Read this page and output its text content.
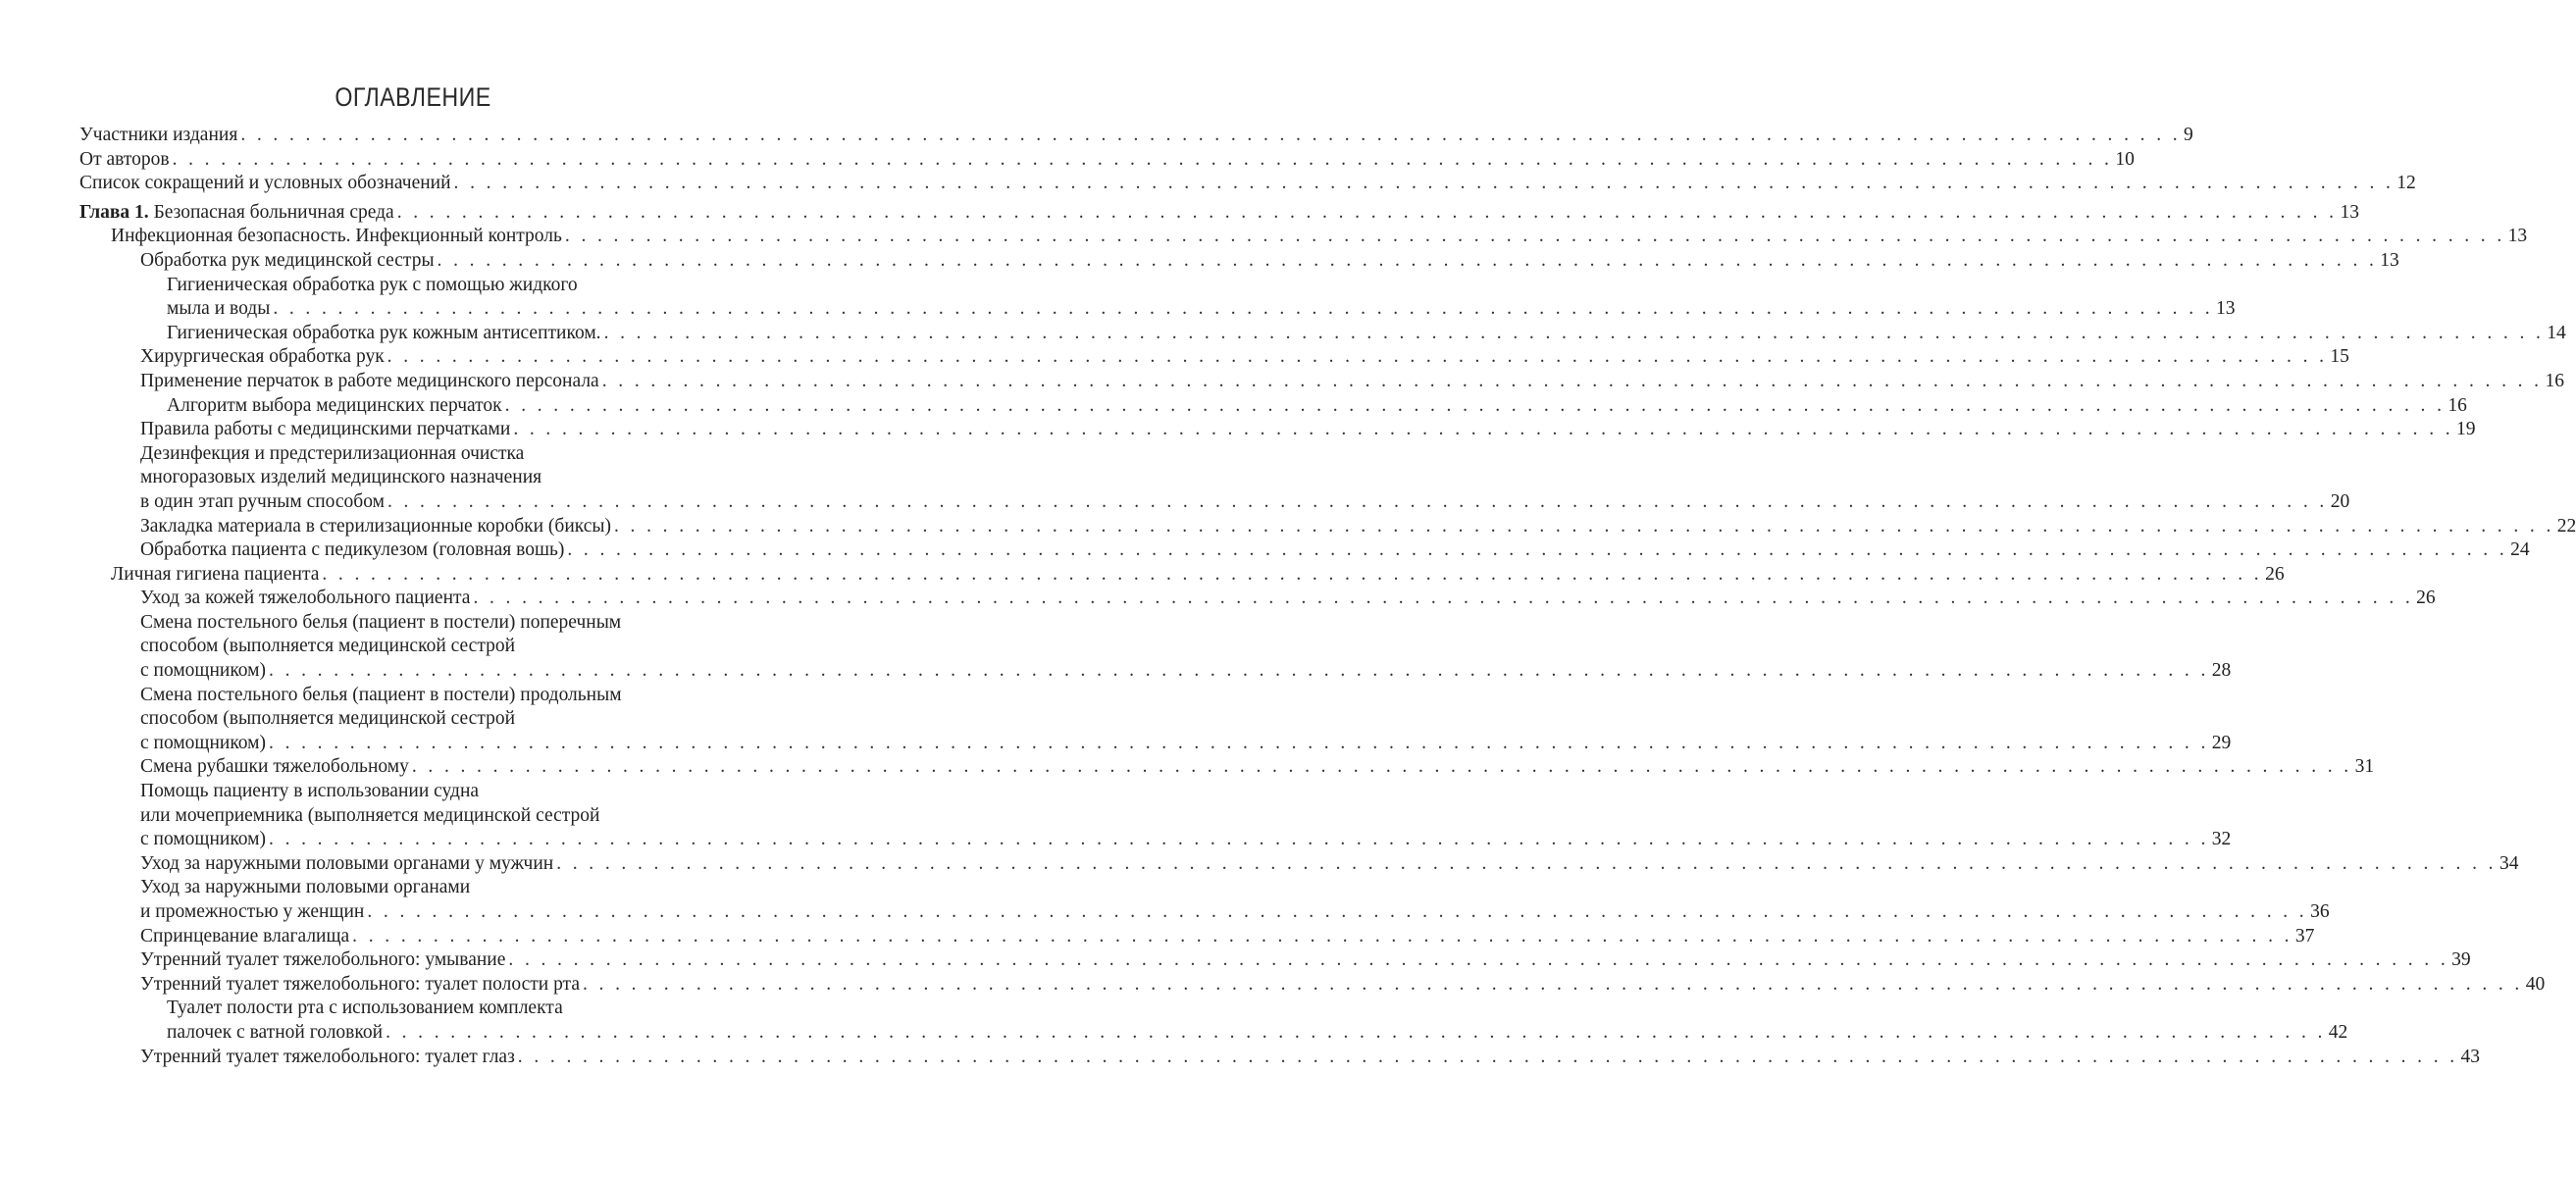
ОГЛАВЛЕНИЕ
Участники издания . . . . . . . . . . . . . . . . . . . . . . . . . . . . . . . . . . . . . . . . . . . . . . . . . . . . . . . . . . . . . . . . . . . . . . . . . . . . . . . . . . . . . . . . . . . . . . . . . . . . . . . . . . . . . . . . . . . . . . . . 9
От авторов . . . . . . . . . . . . . . . . . . . . . . . . . . . . . . . . . . . . . . . . . . . . . . . . . . . . . . . . . . . . . . . . . . . . . . . . . . . . . . . . . . . . . . . . . . . . . . . . . . . . . . . . . . . . . . . . . . . . . . . . 10
Список сокращений и условных обозначений . . . . . . . . . . . . . . . . . . . . . . . . . . . . . . . . . . . . . . . . . . . . . . . . . . . . . . . . . . . . . . . . . . . . . . . . . . . . . . . . . . . . . . . . . . . . . . . . . . . . . . . . . . . . . . . . . . . . . . . . 12
Глава 1. Безопасная больничная среда . . . . . . . . . . . . . . . . . . . . . . . . . . . . . . . . . . . . . . . . . . . . . . . . . . . . . . . . . . . . . . . . . . . . . . . . . . . . . . . . . . . . . . . . . . . . . . . . . . . . . . . . . . . . . . . . . . . . . . . . 13
Инфекционная безопасность. Инфекционный контроль . . . . . . . . . . . . . . . . . . . . . . . . . . . . . . . . . . . . . . . . . . . . . . . . . . . . . . . . . . . . . . . . . . . . . . . . . . . . . . . . . . . . . . . . . . . . . . . . . . . . . . . . . . . . . . . . . . . . . . . . 13
Обработка рук медицинской сестры . . . . . . . . . . . . . . . . . . . . . . . . . . . . . . . . . . . . . . . . . . . . . . . . . . . . . . . . . . . . . . . . . . . . . . . . . . . . . . . . . . . . . . . . . . . . . . . . . . . . . . . . . . . . . . . . . . . . . . . . 13
Гигиеническая обработка рук с помощью жидкого
мыла и воды . . . . . . . . . . . . . . . . . . . . . . . . . . . . . . . . . . . . . . . . . . . . . . . . . . . . . . . . . . . . . . . . . . . . . . . . . . . . . . . . . . . . . . . . . . . . . . . . . . . . . . . . . . . . . . . . . . . . . . . . 13
Гигиеническая обработка рук кожным антисептиком. . . . . . . . . . . . . . . . . . . . . . . . . . . . . . . . . . . . . . . . . . . . . . . . . . . . . . . . . . . . . . . . . . . . . . . . . . . . . . . . . . . . . . . . . . . . . . . . . . . . . . . . . . . . . . . . . . . . . . . . . 14
Хирургическая обработка рук . . . . . . . . . . . . . . . . . . . . . . . . . . . . . . . . . . . . . . . . . . . . . . . . . . . . . . . . . . . . . . . . . . . . . . . . . . . . . . . . . . . . . . . . . . . . . . . . . . . . . . . . . . . . . . . . . . . . . . . . 15
Применение перчаток в работе медицинского персонала . . . . . . . . . . . . . . . . . . . . . . . . . . . . . . . . . . . . . . . . . . . . . . . . . . . . . . . . . . . . . . . . . . . . . . . . . . . . . . . . . . . . . . . . . . . . . . . . . . . . . . . . . . . . . . . . . . . . . . . . 16
Алгоритм выбора медицинских перчаток . . . . . . . . . . . . . . . . . . . . . . . . . . . . . . . . . . . . . . . . . . . . . . . . . . . . . . . . . . . . . . . . . . . . . . . . . . . . . . . . . . . . . . . . . . . . . . . . . . . . . . . . . . . . . . . . . . . . . . . . 16
Правила работы с медицинскими перчатками . . . . . . . . . . . . . . . . . . . . . . . . . . . . . . . . . . . . . . . . . . . . . . . . . . . . . . . . . . . . . . . . . . . . . . . . . . . . . . . . . . . . . . . . . . . . . . . . . . . . . . . . . . . . . . . . . . . . . . . . 19
Дезинфекция и предстерилизационная очистка
многоразовых изделий медицинского назначения
в один этап ручным способом . . . . . . . . . . . . . . . . . . . . . . . . . . . . . . . . . . . . . . . . . . . . . . . . . . . . . . . . . . . . . . . . . . . . . . . . . . . . . . . . . . . . . . . . . . . . . . . . . . . . . . . . . . . . . . . . . . . . . . . . 20
Закладка материала в стерилизационные коробки (биксы) . . . . . . . . . . . . . . . . . . . . . . . . . . . . . . . . . . . . . . . . . . . . . . . . . . . . . . . . . . . . . . . . . . . . . . . . . . . . . . . . . . . . . . . . . . . . . . . . . . . . . . . . . . . . . . . . . . . . . . . . 22
Обработка пациента с педикулезом (головная вошь) . . . . . . . . . . . . . . . . . . . . . . . . . . . . . . . . . . . . . . . . . . . . . . . . . . . . . . . . . . . . . . . . . . . . . . . . . . . . . . . . . . . . . . . . . . . . . . . . . . . . . . . . . . . . . . . . . . . . . . . . 24
Личная гигиена пациента . . . . . . . . . . . . . . . . . . . . . . . . . . . . . . . . . . . . . . . . . . . . . . . . . . . . . . . . . . . . . . . . . . . . . . . . . . . . . . . . . . . . . . . . . . . . . . . . . . . . . . . . . . . . . . . . . . . . . . . . 26
Уход за кожей тяжелобольного пациента . . . . . . . . . . . . . . . . . . . . . . . . . . . . . . . . . . . . . . . . . . . . . . . . . . . . . . . . . . . . . . . . . . . . . . . . . . . . . . . . . . . . . . . . . . . . . . . . . . . . . . . . . . . . . . . . . . . . . . . . 26
Смена постельного белья (пациент в постели) поперечным
способом (выполняется медицинской сестрой
с помощником) . . . . . . . . . . . . . . . . . . . . . . . . . . . . . . . . . . . . . . . . . . . . . . . . . . . . . . . . . . . . . . . . . . . . . . . . . . . . . . . . . . . . . . . . . . . . . . . . . . . . . . . . . . . . . . . . . . . . . . . . 28
Смена постельного белья (пациент в постели) продольным
способом (выполняется медицинской сестрой
с помощником) . . . . . . . . . . . . . . . . . . . . . . . . . . . . . . . . . . . . . . . . . . . . . . . . . . . . . . . . . . . . . . . . . . . . . . . . . . . . . . . . . . . . . . . . . . . . . . . . . . . . . . . . . . . . . . . . . . . . . . . . 29
Смена рубашки тяжелобольному . . . . . . . . . . . . . . . . . . . . . . . . . . . . . . . . . . . . . . . . . . . . . . . . . . . . . . . . . . . . . . . . . . . . . . . . . . . . . . . . . . . . . . . . . . . . . . . . . . . . . . . . . . . . . . . . . . . . . . . . 31
Помощь пациенту в использовании судна
или мочеприемника (выполняется медицинской сестрой
с помощником) . . . . . . . . . . . . . . . . . . . . . . . . . . . . . . . . . . . . . . . . . . . . . . . . . . . . . . . . . . . . . . . . . . . . . . . . . . . . . . . . . . . . . . . . . . . . . . . . . . . . . . . . . . . . . . . . . . . . . . . . 32
Уход за наружными половыми органами у мужчин . . . . . . . . . . . . . . . . . . . . . . . . . . . . . . . . . . . . . . . . . . . . . . . . . . . . . . . . . . . . . . . . . . . . . . . . . . . . . . . . . . . . . . . . . . . . . . . . . . . . . . . . . . . . . . . . . . . . . . . . 34
Уход за наружными половыми органами
и промежностью у женщин . . . . . . . . . . . . . . . . . . . . . . . . . . . . . . . . . . . . . . . . . . . . . . . . . . . . . . . . . . . . . . . . . . . . . . . . . . . . . . . . . . . . . . . . . . . . . . . . . . . . . . . . . . . . . . . . . . . . . . . . 36
Спринцевание влагалища . . . . . . . . . . . . . . . . . . . . . . . . . . . . . . . . . . . . . . . . . . . . . . . . . . . . . . . . . . . . . . . . . . . . . . . . . . . . . . . . . . . . . . . . . . . . . . . . . . . . . . . . . . . . . . . . . . . . . . . . 37
Утренний туалет тяжелобольного: умывание . . . . . . . . . . . . . . . . . . . . . . . . . . . . . . . . . . . . . . . . . . . . . . . . . . . . . . . . . . . . . . . . . . . . . . . . . . . . . . . . . . . . . . . . . . . . . . . . . . . . . . . . . . . . . . . . . . . . . . . . 39
Утренний туалет тяжелобольного: туалет полости рта . . . . . . . . . . . . . . . . . . . . . . . . . . . . . . . . . . . . . . . . . . . . . . . . . . . . . . . . . . . . . . . . . . . . . . . . . . . . . . . . . . . . . . . . . . . . . . . . . . . . . . . . . . . . . . . . . . . . . . . . 40
Туалет полости рта с использованием комплекта
палочек с ватной головкой . . . . . . . . . . . . . . . . . . . . . . . . . . . . . . . . . . . . . . . . . . . . . . . . . . . . . . . . . . . . . . . . . . . . . . . . . . . . . . . . . . . . . . . . . . . . . . . . . . . . . . . . . . . . . . . . . . . . . . . . 42
Утренний туалет тяжелобольного: туалет глаз . . . . . . . . . . . . . . . . . . . . . . . . . . . . . . . . . . . . . . . . . . . . . . . . . . . . . . . . . . . . . . . . . . . . . . . . . . . . . . . . . . . . . . . . . . . . . . . . . . . . . . . . . . . . . . . . . . . . . . . . 43
